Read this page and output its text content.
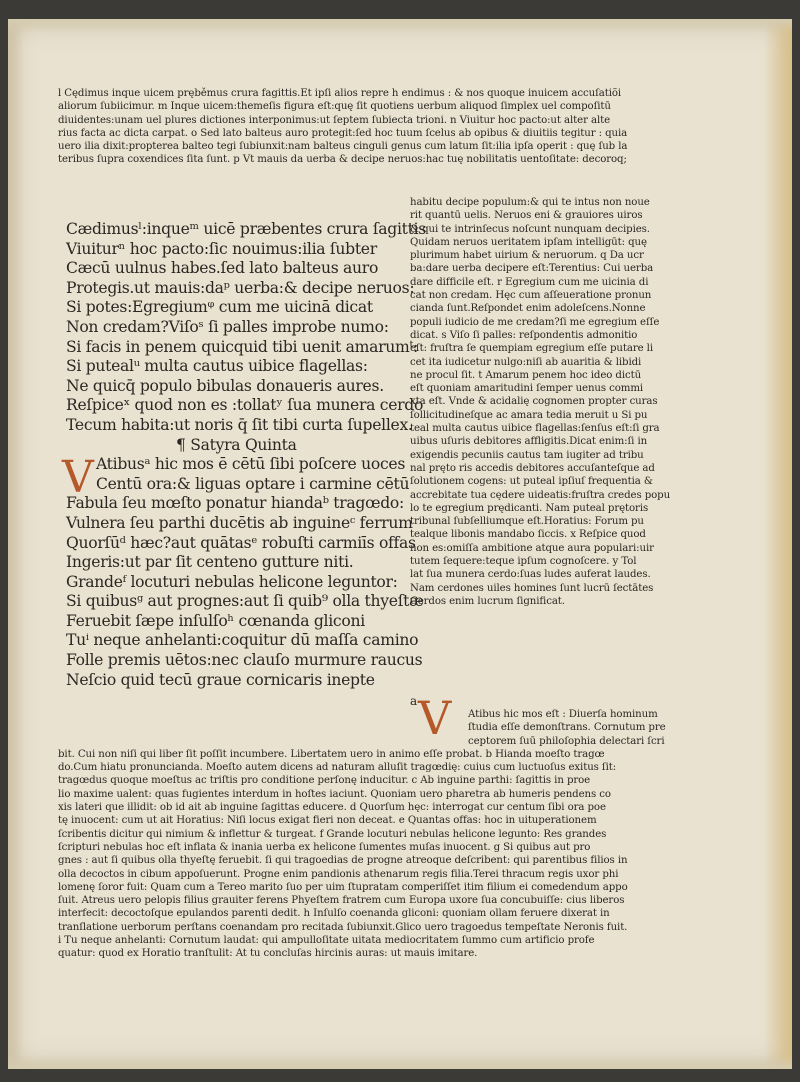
l Cędimus inque uicem pręběmus crura fagittis.Et ipſi alios repre h endimus : & nos quoque inuicem accuſatiõi
aliorum ſubiicimur. m Inque uicem:themeſis figura eſt:quę ſit quotiens uerbum aliquod ſimplex uel compoſitū
diuidentes:unam uel plures dictiones interponimus:ut ſeptem ſubiecta trioni. n Viuitur hoc pacto:ut alter alte
rius facta ac dicta carpat. o Sed lato balteus auro protegit:ſed hoc tuum ſcelus ab opibus & diuitiis tegitur : quia
uero ilia dixit:propterea balteo tegi ſubiunxit:nam balteus cinguli genus cum latum ſit:ilia ipſa operit : quę ſub la
teribus ſupra coxendices ſita ſunt. p Vt mauis da uerba & decipe neruos:hac tuę nobilitatis uentoſitate: decoroq;
Cædimusˡ:inqueᵐ uicē præbentes crura ſagittis
Viuiturⁿ hoc pacto:ſic nouimus:ilia ſubter
Cæcū uulnus habes.ſed lato balteus auro
Protegis.ut mauis:daᵖ uerba:& decipe neruos:
Si potes:Egregiumᵠ cum me uicinā dicat
Non credam?Viſoˢ ſi palles improbe numo:
Si facis in penem quicquid tibi uenit amarumᵗ:
Si putealᵘ multa cautus uibice flagellas:
Ne quicq̄ populo bibulas donaueris aures.
Reſpiceˣ quod non es :tollatʸ ſua munera cerdo
Tecum habita:ut noris q̄ ſit tibi curta ſupellex.
¶ Satyra Quinta
Atibusᵃ hic mos ē cētū ſibi poſcere uoces
Centū ora:& liguas optare i carmine cētū
Fabula ſeu mœſto ponatur hiandaᵇ tragœdo:
Vulnera ſeu parthi ducētis ab inguineᶜ ferrum
Quorſūᵈ hæc?aut quātasᵉ robuſti carmiīs offas
Ingeris:ut par ſit centeno gutture niti.
Grandeᶠ locuturi nebulas helicone leguntor:
Si quibusᵍ aut prognes:aut ſi quib⁹ olla thyeſtæ
Feruebit ſæpe inſulſoʰ cœnanda gliconi
Tuⁱ neque anhelanti:coquitur dū maſſa camino
Folle premis uētos:nec clauſo murmure raucus
Neſcio quid tecū graue cornicaris inepte
habitu decipe populum:& qui te intus non noue
rit quantū uelis. Neruos eni & grauiores uiros
& qui te intrinſecus noſcunt nunquam decipies.
Quidam neruos ueritatem ipſam intelligūt: quę
plurimum habet uirium & neruorum. q Da ucr
ba:dare uerba decipere eſt:Terentius: Cui uerba
dare difficile eſt. r Egregium cum me uicinia di
cat non credam. Hęc cum aſſeueratione pronun
cianda ſunt.Reſpondet enim adoleſcens.Nonne
populi iudicio de me credam?ſi me egregium eſſe
dicat. s Viſo ſi palles: reſpondentis admonitio
eſt: fruſtra ſe quempiam egregium eſſe putare li
cet ita iudicetur nulgo:niſi ab auaritia & libidi
ne procul ſit. t Amarum penem hoc ideo dictū
eſt quoniam amaritudini ſemper uenus commi
xta eſt. Vnde & acidalię cognomen propter curas
ſollicitudineſque ac amara tedia meruit u Si pu
teal multa cautus uibice flagellas:ſenſus eſt:ſi gra
uibus uſuris debitores affligitis.Dicat enim:ſi in
exigendis pecuniis cautus tam iugiter ad tribu
nal pręto ris accedis debitores accuſanteſque ad
ſolutionem cogens: ut puteal ipſiuſ frequentia &
accrebitate tua cędere uideatis:fruſtra credes popu
lo te egregium prędicanti. Nam puteal prętoris
tribunal ſubſelliumque eſt.Horatius: Forum pu
tealque libonis mandabo ſiccis. x Reſpice quod
non es:omiſſa ambitione atque aura populari:uir
tutem ſequere:teque ipſum cognoſcere. y Tol
lat ſua munera cerdo:ſuas ludes auferat laudes.
Nam cerdones uiles homines ſunt lucrū ſectātes
Cerdos enim lucrum ſignificat.
Atibus hic mos eſt : Diuerſa hominum
ſtudia eſſe demonſtrans. Cornutum pre
ceptorem ſuū philoſophia delectari ſcri
bit. Cui non niſi qui liber ſit poſſit incumbere. Libertatem uero in animo eſſe probat. b Hianda moeſto tragœ
do.Cum hiatu pronuncianda. Moeſto autem dicens ad naturam alluſit tragœdię: cuius cum luctuoſus exitus ſit:
tragœdus quoque moeſtus ac triſtis pro conditione perſonę inducitur. c Ab inguine parthi: ſagittis in proe
lio maxime ualent: quas fugientes interdum in hoſtes iaciunt. Quoniam uero pharetra ab humeris pendens co
xis lateri que illidit: ob id ait ab inguine ſagittas educere. d Quorſum hęc: interrogat cur centum ſibi ora poe
tę inuocent: cum ut ait Horatius: Niſi locus exigat fieri non deceat. e Quantas offas: hoc in uituperationem
ſcribentis dicitur qui nimium & inflettur & turgeat. f Grande locuturi nebulas helicone legunto: Res grandes
ſcripturi nebulas hoc eſt inflata & inania uerba ex helicone ſumentes muſas inuocent. g Si quibus aut pro
gnes : aut ſi quibus olla thyeſtę feruebit. ſi qui tragoedias de progne atreoque deſcribent: qui parentibus filios in
olla decoctos in cibum appoſuerunt. Progne enim pandionis athenarum regis filia.Terei thracum regis uxor phi
lomenę ſoror fuit: Quam cum a Tereo marito ſuo per uim ſtupratam comperiſſet itim filium ei comedendum appo
ſuit. Atreus uero pelopis filius grauiter ferens Phyeſtem fratrem cum Europa uxore ſua concubuiſſe: cius liberos
interfecit: decoctoſque epulandos parenti dedit. h Inſulſo coenanda gliconi: quoniam ollam feruere dixerat in
tranſlatione uerborum perſtans coenandam pro recitada ſubiunxit.Glico uero tragoedus tempeſtate Neronis fuit.
i Tu neque anhelanti: Cornutum laudat: qui ampulloſitate uitata mediocritatem ſummo cum artificio profe
quatur: quod ex Horatio tranſtulit: At tu concluſas hircinis auras: ut mauis imitare.
V
a V
